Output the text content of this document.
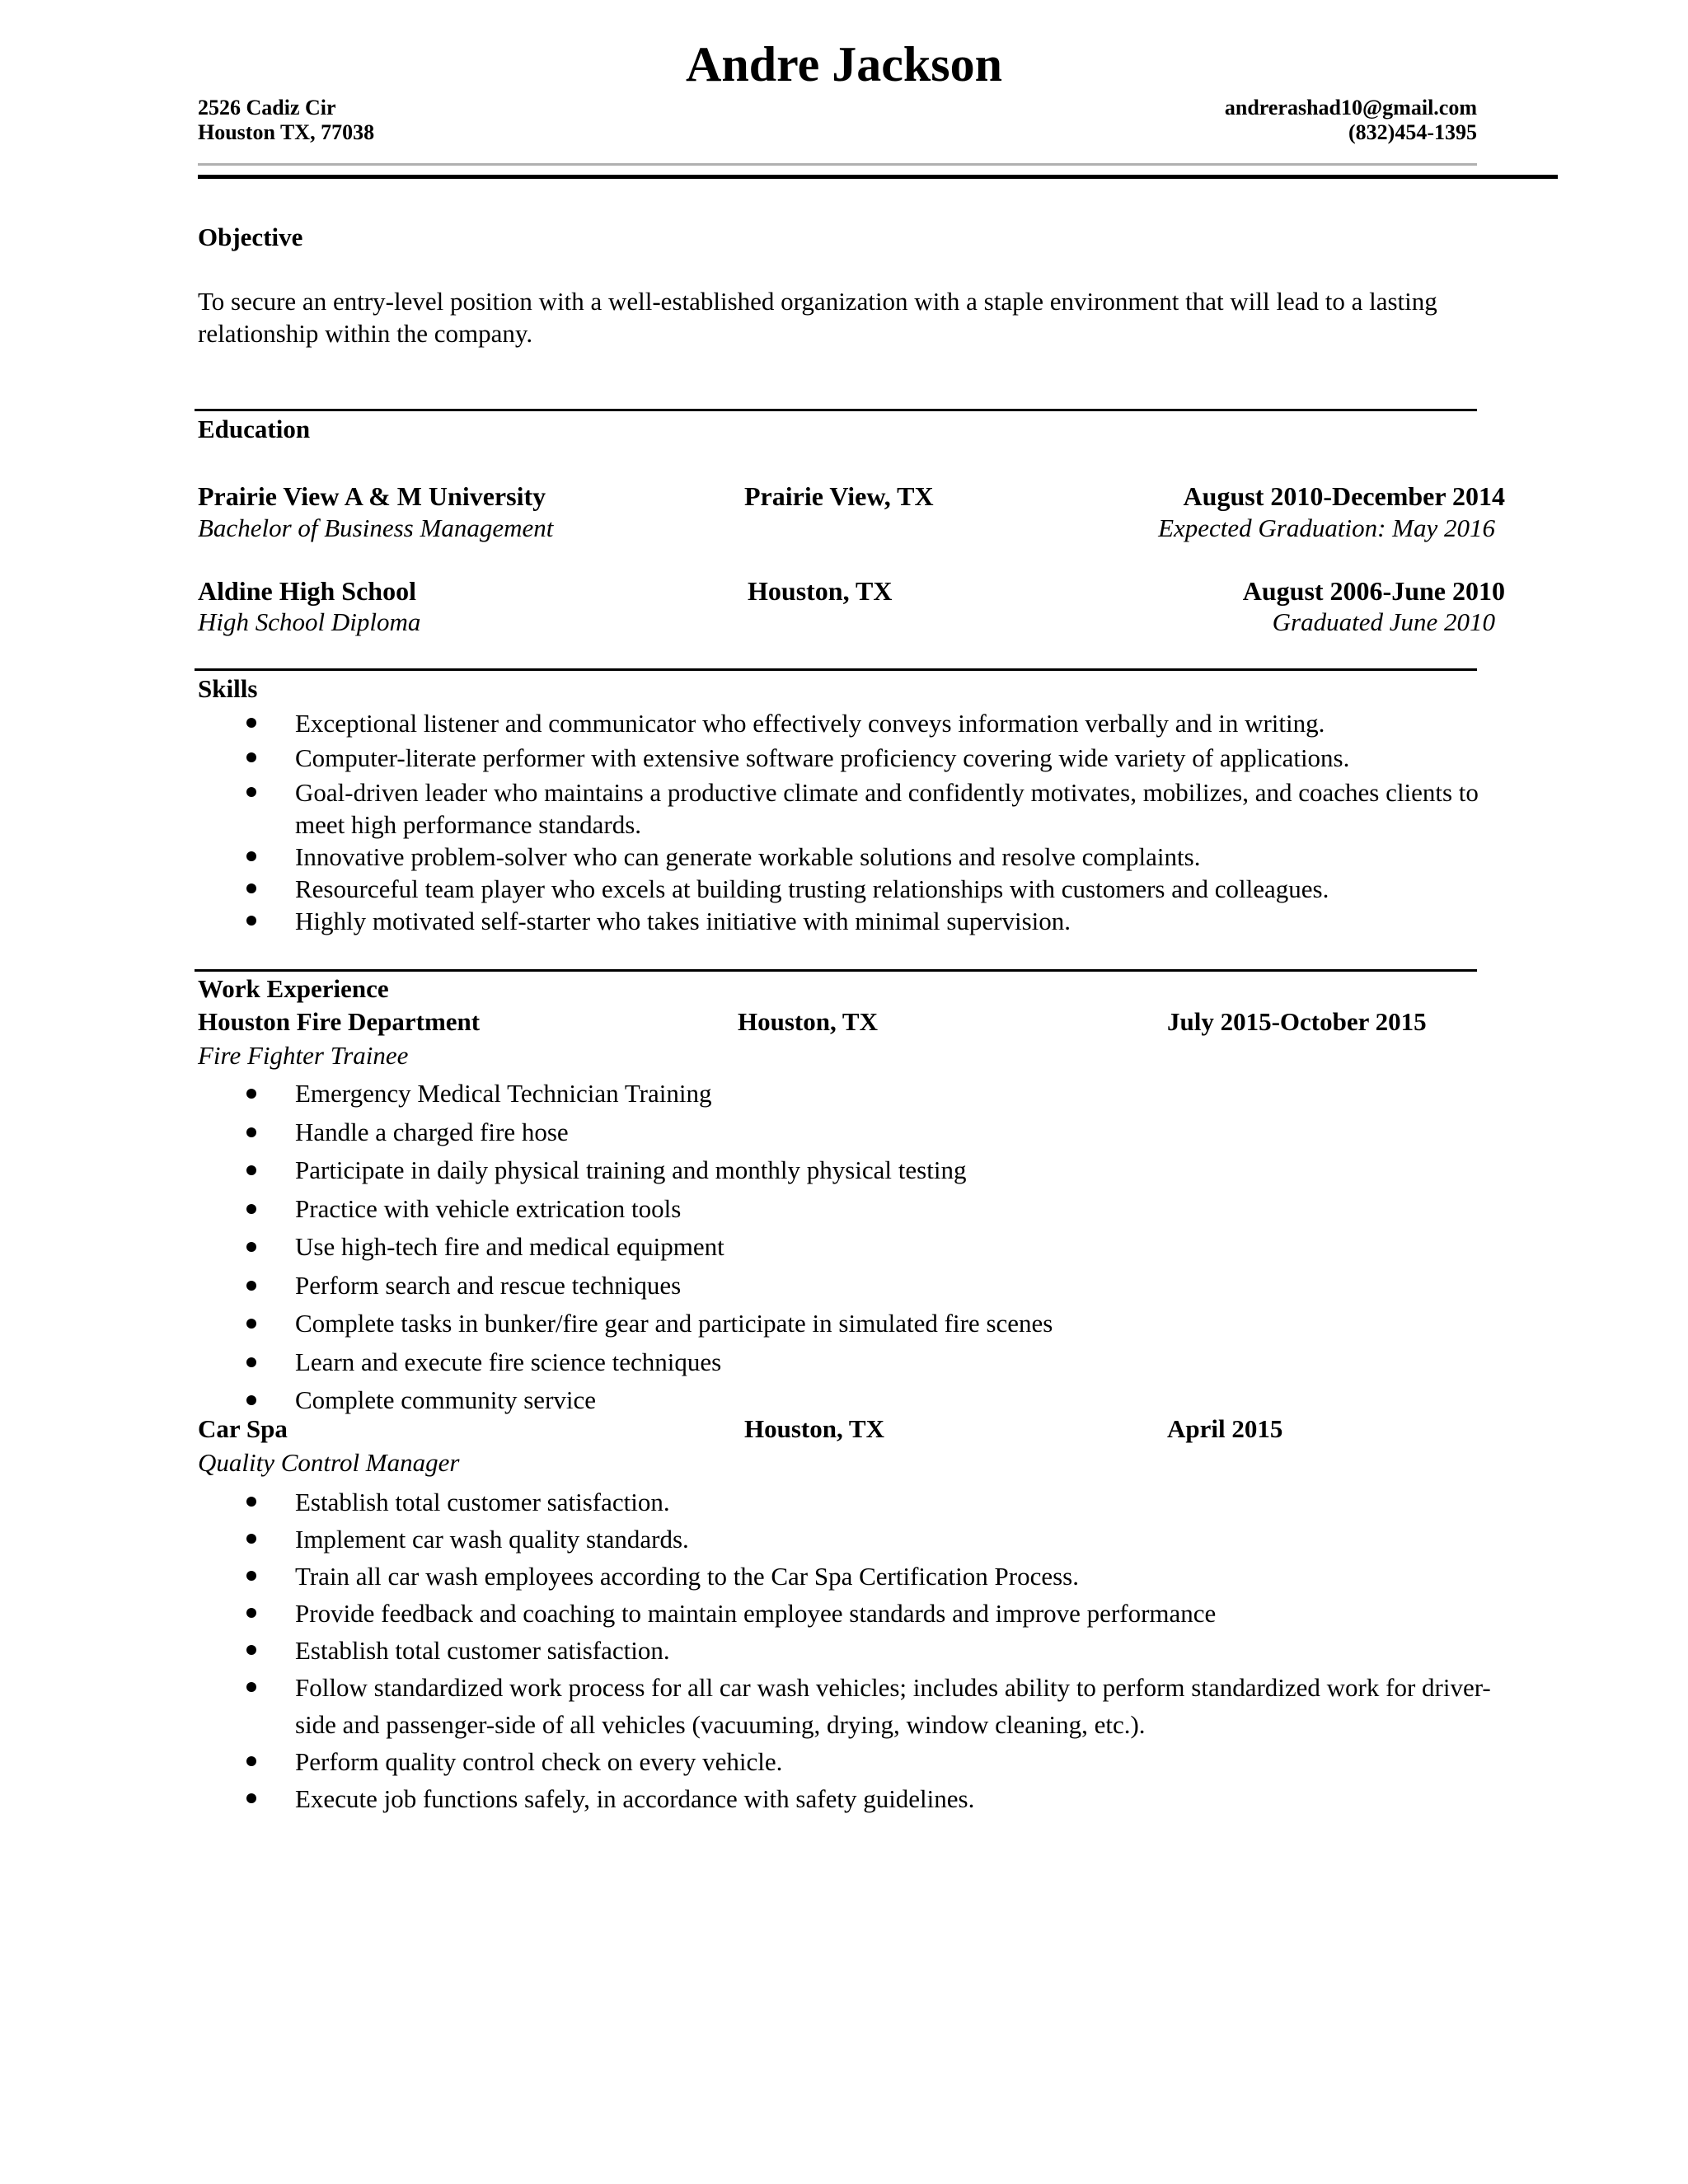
Andre Jackson
2526 Cadiz Cir
Houston TX, 77038
andrerashad10@gmail.com
(832)454-1395
Objective
To secure an entry-level position with a well-established organization with a staple environment that will lead to a lasting relationship within the company.
Education
Prairie View A & M University	Prairie View, TX	August 2010-December 2014
Bachelor of Business Management	Expected Graduation: May 2016
Aldine High School	Houston, TX	August 2006-June 2010
High School Diploma	Graduated June 2010
Skills
Exceptional listener and communicator who effectively conveys information verbally and in writing.
Computer-literate performer with extensive software proficiency covering wide variety of applications.
Goal-driven leader who maintains a productive climate and confidently motivates, mobilizes, and coaches clients to meet high performance standards.
Innovative problem-solver who can generate workable solutions and resolve complaints.
Resourceful team player who excels at building trusting relationships with customers and colleagues.
Highly motivated self-starter who takes initiative with minimal supervision.
Work Experience
Houston Fire Department	Houston, TX	July 2015-October 2015
Fire Fighter Trainee
Emergency Medical Technician Training
Handle a charged fire hose
Participate in daily physical training and monthly physical testing
Practice with vehicle extrication tools
Use high-tech fire and medical equipment
Perform search and rescue techniques
Complete tasks in bunker/fire gear and participate in simulated fire scenes
Learn and execute fire science techniques
Complete community service
Car Spa	Houston, TX	April 2015
Quality Control Manager
Establish total customer satisfaction.
Implement car wash quality standards.
Train all car wash employees according to the Car Spa Certification Process.
Provide feedback and coaching to maintain employee standards and improve performance
Establish total customer satisfaction.
Follow standardized work process for all car wash vehicles; includes ability to perform standardized work for driver-side and passenger-side of all vehicles (vacuuming, drying, window cleaning, etc.).
Perform quality control check on every vehicle.
Execute job functions safely, in accordance with safety guidelines.
